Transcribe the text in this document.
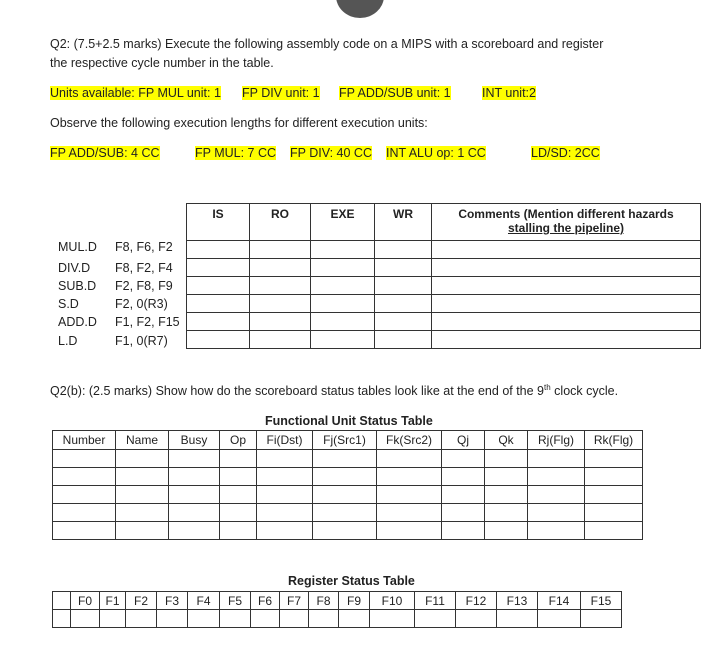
Q2: (7.5+2.5 marks) Execute the following assembly code on a MIPS with a scoreboard and register
the respective cycle number in the table.
Units available: FP MUL unit: 1 FP DIV unit: 1 FP ADD/SUB unit: 1	INT unit:2
Observe the following execution lengths for different execution units:
FP ADD/SUB: 4 CC	FP MUL: 7 CC FP DIV: 40 CC INT ALU op: 1 CC	LD/SD: 2CC
MUL.D F8, F6, F2
DIV.D F8, F2, F4
SUB.D F2, F8, F9
S.D	F2, 0(R3)
ADD.D F1, F2, F15
L.D	F1, 0(R7)
IS	RO	EXE	WR	Comments (Mention different hazards
stalling the pipeline)

Q2(b): (2.5 marks) Show how do the scoreboard status tables look like at the end of the 9th clock cycle.
Functional Unit Status Table
Number	Name	Busy	Op	Fi(Dst)	Fj(Src1)	Fk(Src2)	Qj	Qk	Rj(Flg)	Rk(Flg)

Register Status Table
	F0	F1	F2	F3	F4	F5	F6	F7	F8	F9	F10	F11	F12	F13	F14	F15
